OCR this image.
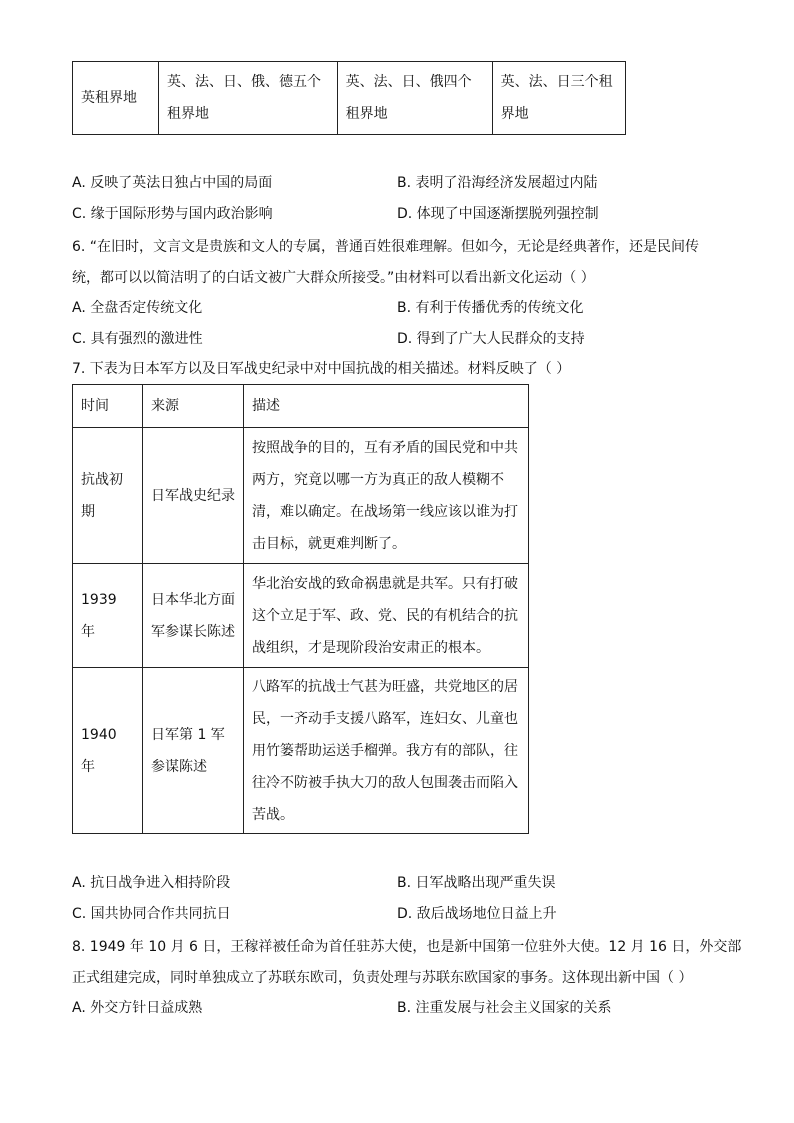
英租界地	英、法、日、俄、德五个租界地	英、法、日、俄四个租界地	英、法、日三个租界地
A. 反映了英法日独占中国的局面	B. 表明了沿海经济发展超过内陆
C. 缘于国际形势与国内政治影响	D. 体现了中国逐渐摆脱列强控制
6. “在旧时，文言文是贵族和文人的专属，普通百姓很难理解。但如今，无论是经典著作，还是民间传
统，都可以以简洁明了的白话文被广大群众所接受。”由材料可以看出新文化运动（ ）
A. 全盘否定传统文化	B. 有利于传播优秀的传统文化
C. 具有强烈的激进性	D. 得到了广大人民群众的支持
7. 下表为日本军方以及日军战史纪录中对中国抗战的相关描述。材料反映了（ ）
时间	来源	描述
抗战初期	日军战史纪录	按照战争的目的，互有矛盾的国民党和中共两方，究竟以哪一方为真正的敌人模糊不清，难以确定。在战场第一线应该以谁为打击目标，就更难判断了。
1939 年	日本华北方面军参谋长陈述	华北治安战的致命祸患就是共军。只有打破这个立足于军、政、党、民的有机结合的抗战组织，才是现阶段治安肃正的根本。
1940 年	日军第 1 军参谋陈述	八路军的抗战士气甚为旺盛，共党地区的居民，一齐动手支援八路军，连妇女、儿童也用竹篓帮助运送手榴弹。我方有的部队，往往冷不防被手执大刀的敌人包围袭击而陷入苦战。
A. 抗日战争进入相持阶段	B. 日军战略出现严重失误
C. 国共协同合作共同抗日	D. 敌后战场地位日益上升
8. 1949 年 10 月 6 日，王稼祥被任命为首任驻苏大使，也是新中国第一位驻外大使。12 月 16 日，外交部
正式组建完成，同时单独成立了苏联东欧司，负责处理与苏联东欧国家的事务。这体现出新中国（ ）
A. 外交方针日益成熟	B. 注重发展与社会主义国家的关系
